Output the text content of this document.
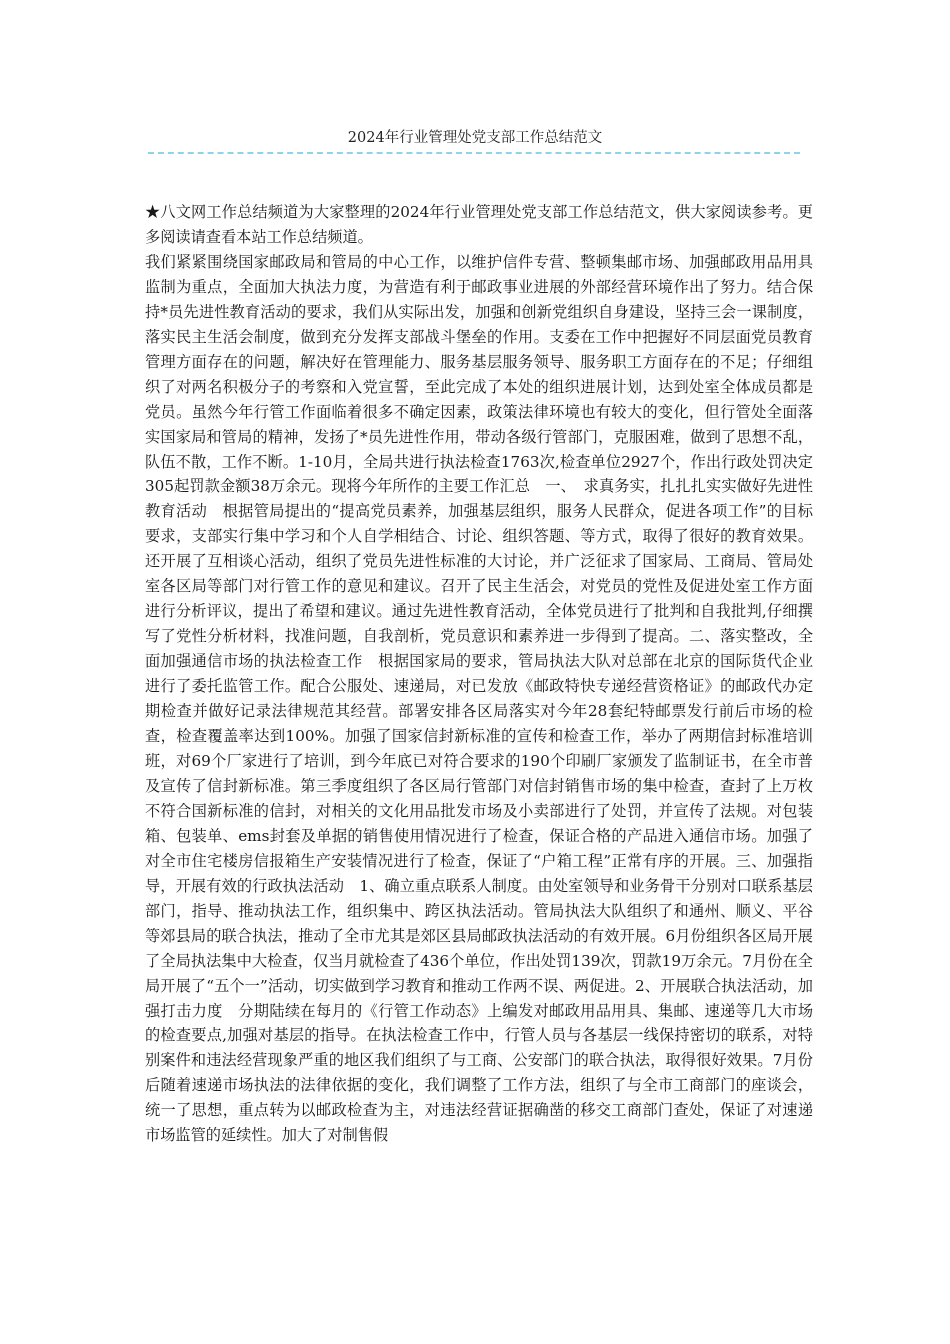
2024年行业管理处党支部工作总结范文

★八文网工作总结频道为大家整理的2024年行业管理处党支部工作总结范文，供大家阅读参考。更多阅读请查看本站工作总结频道。

我们紧紧围绕国家邮政局和管局的中心工作，以维护信件专营、整顿集邮市场、加强邮政用品用具监制为重点，全面加大执法力度，为营造有利于邮政事业进展的外部经营环境作出了努力。结合保持*员先进性教育活动的要求，我们从实际出发，加强和创新党组织自身建设，坚持三会一课制度，落实民主生活会制度，做到充分发挥支部战斗堡垒的作用。支委在工作中把握好不同层面党员教育管理方面存在的问题，解决好在管理能力、服务基层服务领导、服务职工方面存在的不足；仔细组织了对两名积极分子的考察和入党宣誓，至此完成了本处的组织进展计划，达到处室全体成员都是党员。虽然今年行管工作面临着很多不确定因素，政策法律环境也有较大的变化，但行管处全面落实国家局和管局的精神，发扬了*员先进性作用，带动各级行管部门，克服困难，做到了思想不乱，队伍不散，工作不断。1-10月，全局共进行执法检查1763次,检查单位2927个，作出行政处罚决定305起罚款金额38万余元。现将今年所作的主要工作汇总　一、　求真务实，扎扎扎实实做好先进性教育活动　根据管局提出的“提高党员素养，加强基层组织，服务人民群众，促进各项工作”的目标要求，支部实行集中学习和个人自学相结合、讨论、组织答题、等方式，取得了很好的教育效果。还开展了互相谈心活动，组织了党员先进性标准的大讨论，并广泛征求了国家局、工商局、管局处室各区局等部门对行管工作的意见和建议。召开了民主生活会，对党员的党性及促进处室工作方面进行分析评议，提出了希望和建议。通过先进性教育活动，全体党员进行了批判和自我批判,仔细撰写了党性分析材料，找准问题，自我剖析，党员意识和素养进一步得到了提高。二、落实整改，全面加强通信市场的执法检查工作　根据国家局的要求，管局执法大队对总部在北京的国际货代企业进行了委托监管工作。配合公服处、速递局，对已发放《邮政特快专递经营资格证》的邮政代办定期检查并做好记录法律规范其经营。部署安排各区局落实对今年28套纪特邮票发行前后市场的检查，检查覆盖率达到100%。加强了国家信封新标准的宣传和检查工作，举办了两期信封标准培训班，对69个厂家进行了培训，到今年底已对符合要求的190个印刷厂家颁发了监制证书，在全市普及宣传了信封新标准。第三季度组织了各区局行管部门对信封销售市场的集中检查，查封了上万枚不符合国新标准的信封，对相关的文化用品批发市场及小卖部进行了处罚，并宣传了法规。对包装箱、包装单、ems封套及单据的销售使用情况进行了检查，保证合格的产品进入通信市场。加强了对全市住宅楼房信报箱生产安装情况进行了检查，保证了“户箱工程”正常有序的开展。三、加强指导，开展有效的行政执法活动　1、确立重点联系人制度。由处室领导和业务骨干分别对口联系基层部门，指导、推动执法工作，组织集中、跨区执法活动。管局执法大队组织了和通州、顺义、平谷等郊县局的联合执法，推动了全市尤其是郊区县局邮政执法活动的有效开展。6月份组织各区局开展了全局执法集中大检查，仅当月就检查了436个单位，作出处罚139次，罚款19万余元。7月份在全局开展了“五个一”活动，切实做到学习教育和推动工作两不误、两促进。2、开展联合执法活动，加强打击力度　分期陆续在每月的《行管工作动态》上编发对邮政用品用具、集邮、速递等几大市场的检查要点,加强对基层的指导。在执法检查工作中，行管人员与各基层一线保持密切的联系，对特别案件和违法经营现象严重的地区我们组织了与工商、公安部门的联合执法，取得很好效果。7月份后随着速递市场执法的法律依据的变化，我们调整了工作方法，组织了与全市工商部门的座谈会，统一了思想，重点转为以邮政检查为主，对违法经营证据确凿的移交工商部门查处，保证了对速递市场监管的延续性。加大了对制售假
